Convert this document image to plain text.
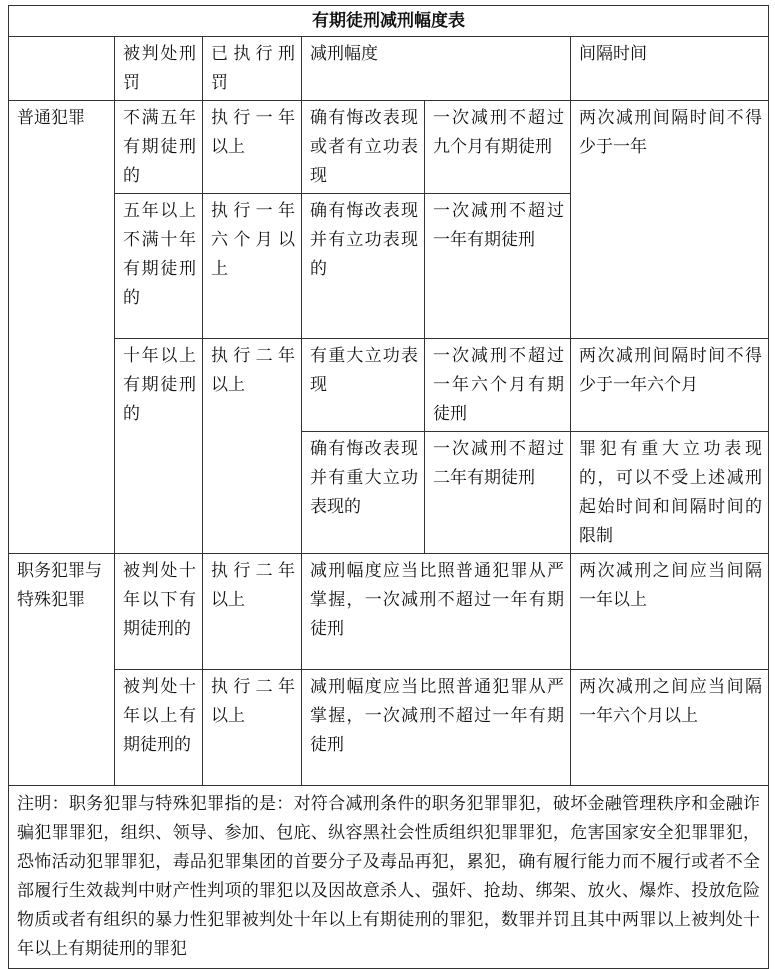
有期徒刑减刑幅度表					
	被判处刑罚	已执行刑罚	减刑幅度		间隔时间
普通犯罪	不满五年有期徒刑的	执行一年以上	确有悔改表现或者有立功表现	一次减刑不超过九个月有期徒刑	两次减刑间隔时间不得少于一年
	五年以上不满十年有期徒刑的	执行一年六个月以上	确有悔改表现并有立功表现的	一次减刑不超过一年有期徒刑	
	十年以上有期徒刑的	执行二年以上	有重大立功表现	一次减刑不超过一年六个月有期徒刑	两次减刑间隔时间不得少于一年六个月
			确有悔改表现并有重大立功表现的	一次减刑不超过二年有期徒刑	罪犯有重大立功表现的，可以不受上述减刑起始时间和间隔时间的限制
职务犯罪与特殊犯罪	被判处十年以下有期徒刑的	执行二年以上	减刑幅度应当比照普通犯罪从严掌握，一次减刑不超过一年有期徒刑		两次减刑之间应当间隔一年以上
	被判处十年以上有期徒刑的	执行二年以上	减刑幅度应当比照普通犯罪从严掌握，一次减刑不超过一年有期徒刑		两次减刑之间应当间隔一年六个月以上
注明：职务犯罪与特殊犯罪指的是：对符合减刑条件的职务犯罪罪犯，破坏金融管理秩序和金融诈骗犯罪罪犯，组织、领导、参加、包庇、纵容黑社会性质组织犯罪罪犯，危害国家安全犯罪罪犯，恐怖活动犯罪罪犯，毒品犯罪集团的首要分子及毒品再犯，累犯，确有履行能力而不履行或者不全部履行生效裁判中财产性判项的罪犯以及因故意杀人、强奸、抢劫、绑架、放火、爆炸、投放危险物质或者有组织的暴力性犯罪被判处十年以上有期徒刑的罪犯，数罪并罚且其中两罪以上被判处十年以上有期徒刑的罪犯					
